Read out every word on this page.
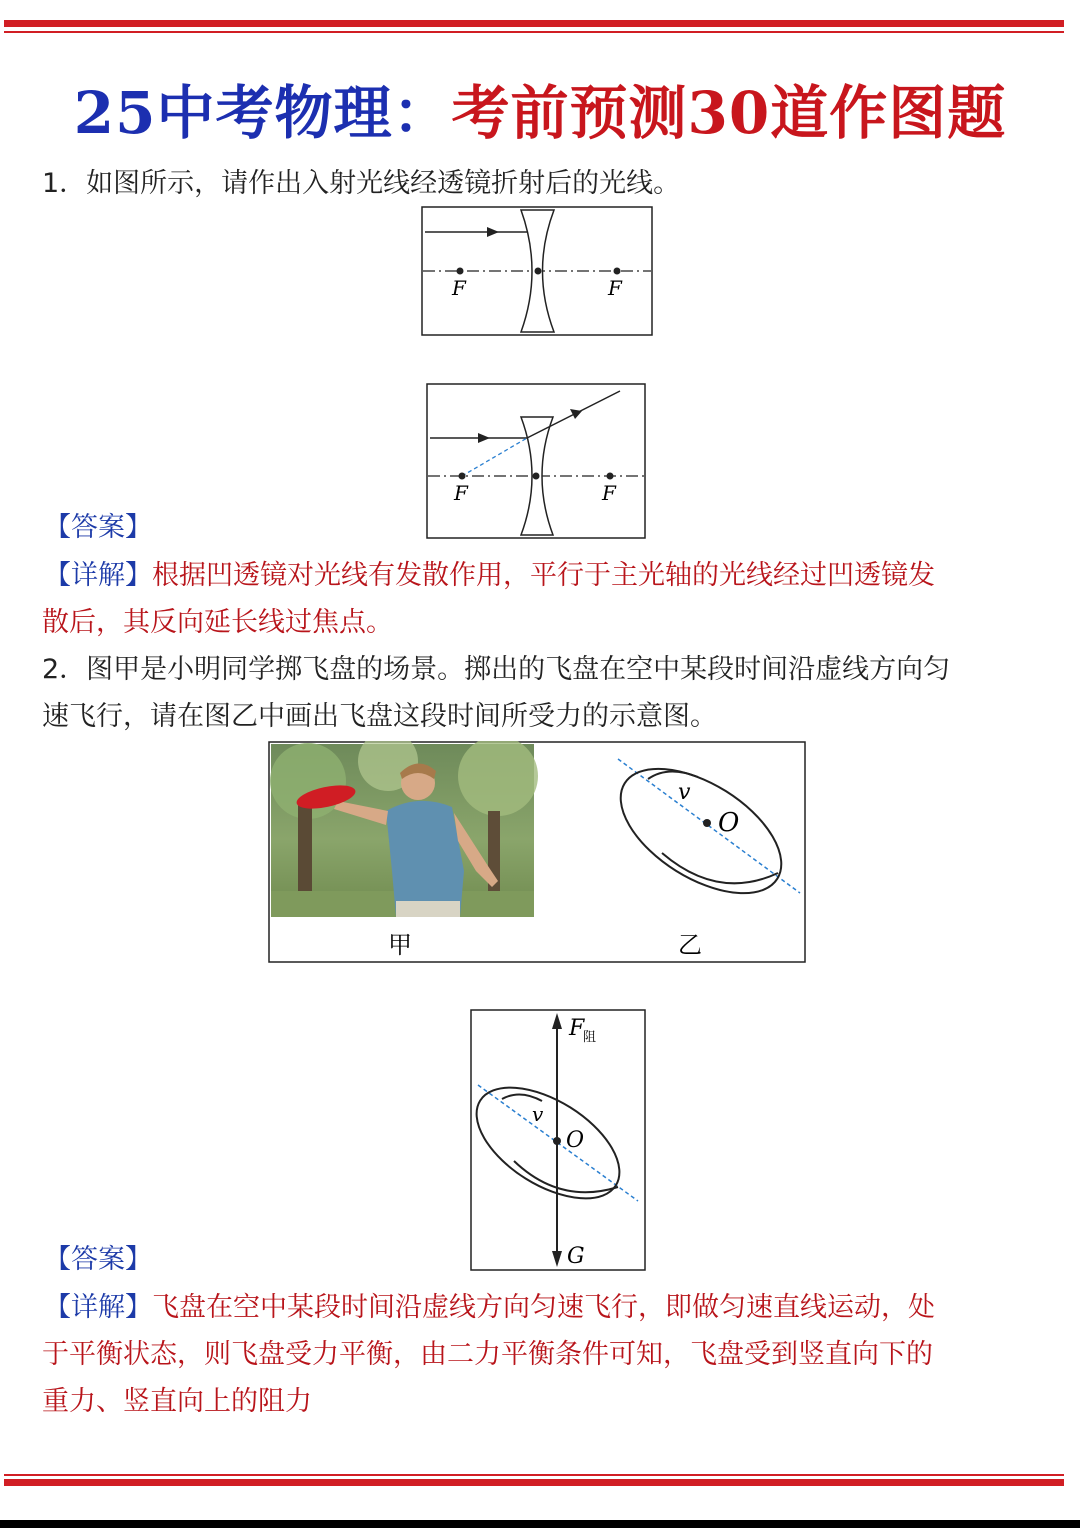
25中考物理：考前预测30道作图题
1．如图所示，请作出入射光线经透镜折射后的光线。
F	F
F	F
【答案】
【详解】根据凹透镜对光线有发散作用，平行于主光轴的光线经过凹透镜发
散后，其反向延长线过焦点。
2．图甲是小明同学掷飞盘的场景。掷出的飞盘在空中某段时间沿虚线方向匀
速飞行，请在图乙中画出飞盘这段时间所受力的示意图。
v
O
甲	乙
F
阻
v
O
G
【答案】
【详解】飞盘在空中某段时间沿虚线方向匀速飞行，即做匀速直线运动，处
于平衡状态，则飞盘受力平衡，由二力平衡条件可知，飞盘受到竖直向下的
重力、竖直向上的阻力
